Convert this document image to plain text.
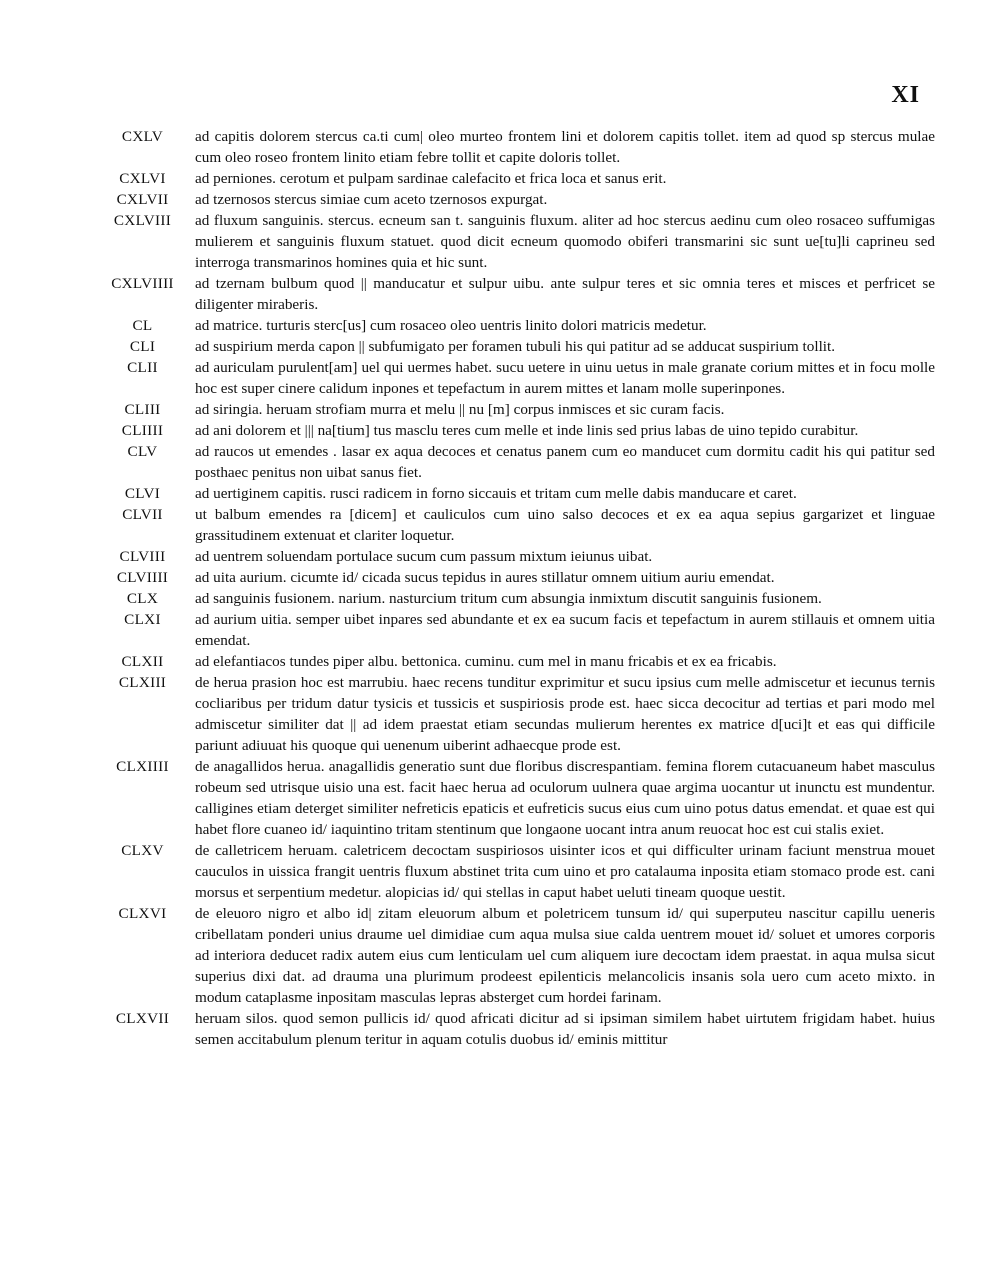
XI
CXLV	ad capitis dolorem stercus ca.ti cum| oleo murteo frontem lini et dolorem capitis tollet. item ad quod sp stercus mulae cum oleo roseo frontem linito etiam febre tollit et capite doloris tollet.
CXLVI	ad perniones. cerotum et pulpam sardinae calefacito et frica loca et sanus erit.
CXLVII	ad tzernosos stercus simiae cum aceto tzernosos expurgat.
CXLVIII	ad fluxum sanguinis. stercus. ecneum san t. sanguinis fluxum. aliter ad hoc stercus aedinu cum oleo rosaceo suffumigas mulierem et sanguinis fluxum statuet. quod dicit ecneum quomodo obiferi transmarini sic sunt ue[tu]li caprineu sed interroga transmarinos homines quia et hic sunt.
CXLVIIII	ad tzernam bulbum quod || manducatur et sulpur uibu. ante sulpur teres et sic omnia teres et misces et perfricet se diligenter miraberis.
CL	ad matrice. turturis sterc[us] cum rosaceo oleo uentris linito dolori matricis medetur.
CLI	ad suspirium merda capon || subfumigato per foramen tubuli his qui patitur ad se adducat suspirium tollit.
CLII	ad auriculam purulent[am] uel qui uermes habet. sucu uetere in uinu uetus in male granate corium mittes et in focu molle hoc est super cinere calidum inpones et tepefactum in aurem mittes et lanam molle superinpones.
CLIII	ad siringia. heruam strofiam murra et melu || nu [m] corpus inmisces et sic curam facis.
CLIIII	ad ani dolorem et ||| na[tium] tus masclu teres cum melle et inde linis sed prius labas de uino tepido curabitur.
CLV	ad raucos ut emendes . lasar ex aqua decoces et cenatus panem cum eo manducet cum dormitu cadit his qui patitur sed posthaec penitus non uibat sanus fiet.
CLVI	ad uertiginem capitis. rusci radicem in forno siccauis et tritam cum melle dabis manducare et caret.
CLVII	ut balbum emendes ra [dicem] et cauliculos cum uino salso decoces et ex ea aqua sepius gargarizet et linguae grassitudinem extenuat et clariter loquetur.
CLVIII	ad uentrem soluendam portulace sucum cum passum mixtum ieiunus uibat.
CLVIIII	ad uita aurium. cicumte id/ cicada sucus tepidus in aures stillatur omnem uitium auriu emendat.
CLX	ad sanguinis fusionem. narium. nasturcium tritum cum absungia inmixtum discutit sanguinis fusionem.
CLXI	ad aurium uitia. semper uibet inpares sed abundante et ex ea sucum facis et tepefactum in aurem stillauis et omnem uitia emendat.
CLXII	ad elefantiacos tundes piper albu. bettonica. cuminu. cum mel in manu fricabis et ex ea fricabis.
CLXIII	de herua prasion hoc est marrubiu. haec recens tunditur exprimitur et sucu ipsius cum melle admiscetur et iecunus ternis cocliaribus per tridum datur tysicis et tussicis et suspiriosis prode est. haec sicca decocitur ad tertias et pari modo mel admiscetur similiter dat || ad idem praestat etiam secundas mulierum herentes ex matrice d[uci]t et eas qui difficile pariunt adiuuat his quoque qui uenenum uiberint adhaecque prode est.
CLXIIII	de anagallidos herua. anagallidis generatio sunt due floribus discrespantiam. femina florem cutacuaneum habet masculus robeum sed utrisque uisio una est. facit haec herua ad oculorum uulnera quae argima uocantur ut inunctu est mundentur. calligines etiam deterget similiter nefreticis epaticis et eufreticis sucus eius cum uino potus datus emendat. et quae est qui habet flore cuaneo id/ iaquintino tritam stentinum que longaone uocant intra anum reuocat hoc est cui stalis exiet.
CLXV	de calletricem heruam. caletricem decoctam suspiriosos uisinter icos et qui difficulter urinam faciunt menstrua mouet cauculos in uissica frangit uentris fluxum abstinet trita cum uino et pro catalauma inposita etiam stomaco prode est. cani morsus et serpentium medetur. alopicias id/ qui stellas in caput habet ueluti tineam quoque uestit.
CLXVI	de eleuoro nigro et albo id| zitam eleuorum album et poletricem tunsum id/ qui superputeu nascitur capillu ueneris cribellatam ponderi unius draume uel dimidiae cum aqua mulsa siue calda uentrem mouet id/ soluet et umores corporis ad interiora deducet radix autem eius cum lenticulam uel cum aliquem iure decoctam idem praestat. in aqua mulsa sicut superius dixi dat. ad drauma una plurimum prodeest epilenticis melancolicis insanis sola uero cum aceto mixto. in modum cataplasme inpositam masculas lepras absterget cum hordei farinam.
CLXVII	heruam silos. quod semon pullicis id/ quod africati dicitur ad si ipsiman similem habet uirtutem frigidam habet. huius semen accitabulum plenum teritur in aquam cotulis duobus id/ eminis mittitur
